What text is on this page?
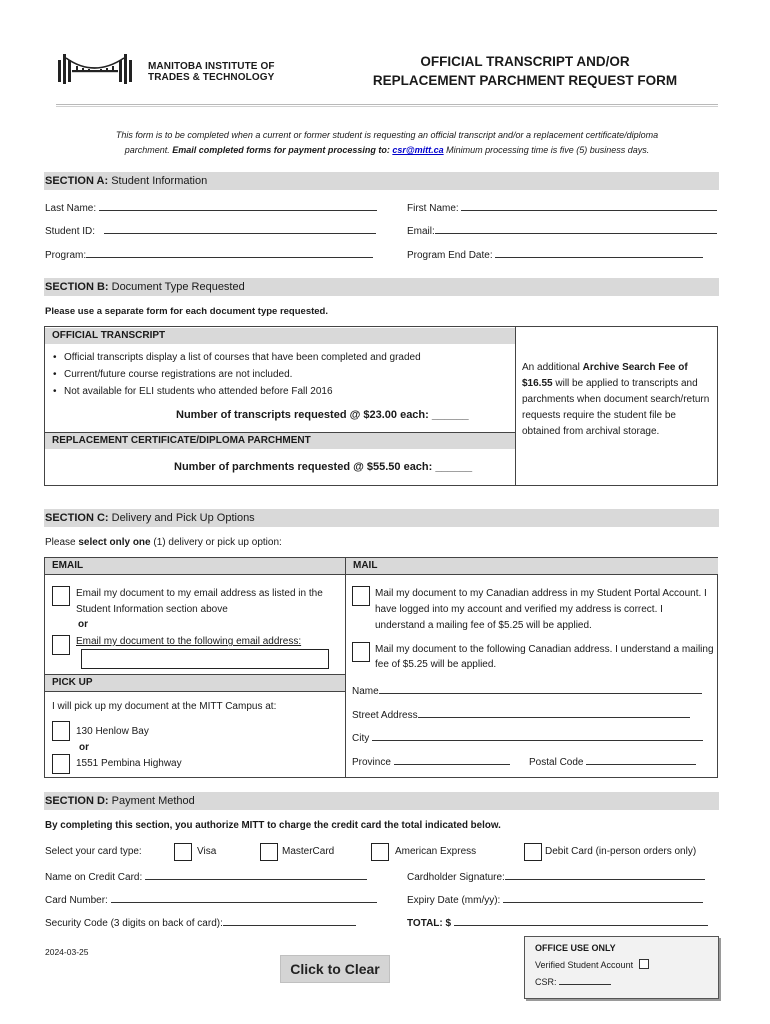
MANITOBA INSTITUTE OF
TRADES & TECHNOLOGY
OFFICIAL TRANSCRIPT AND/OR
REPLACEMENT PARCHMENT REQUEST FORM
This form is to be completed when a current or former student is requesting an official transcript and/or a replacement certificate/diploma
parchment. Email completed forms for payment processing to: csr@mitt.ca Minimum processing time is five (5) business days.
SECTION A: Student Information
Last Name:	First Name:
Student ID:	Email:
Program:	Program End Date:
SECTION B: Document Type Requested
Please use a separate form for each document type requested.
OFFICIAL TRANSCRIPT
• Official transcripts display a list of courses that have been completed and graded
• Current/future course registrations are not included.
• Not available for ELI students who attended before Fall 2016
Number of transcripts requested @ $23.00 each: ______
REPLACEMENT CERTIFICATE/DIPLOMA PARCHMENT
Number of parchments requested @ $55.50 each: ______
An additional Archive Search Fee of $16.55 will be applied to transcripts and parchments when document search/return requests require the student file be obtained from archival storage.
SECTION C: Delivery and Pick Up Options
Please select only one (1) delivery or pick up option:
EMAIL	MAIL
Email my document to my email address as listed in the Student Information section above
or
Email my document to the following email address:
PICK UP
I will pick up my document at the MITT Campus at:
130 Henlow Bay
or
1551 Pembina Highway
Mail my document to my Canadian address in my Student Portal Account. I have logged into my account and verified my address is correct. I understand a mailing fee of $5.25 will be applied.
Mail my document to the following Canadian address. I understand a mailing fee of $5.25 will be applied.
Name
Street Address
City
Province	Postal Code
SECTION D: Payment Method
By completing this section, you authorize MITT to charge the credit card the total indicated below.
Select your card type:	Visa	MasterCard	American Express	Debit Card (in-person orders only)
Name on Credit Card:	Cardholder Signature:
Card Number:	Expiry Date (mm/yy):
Security Code (3 digits on back of card):	TOTAL: $
2024-03-25
Click to Clear
OFFICE USE ONLY
Verified Student Account
CSR:
